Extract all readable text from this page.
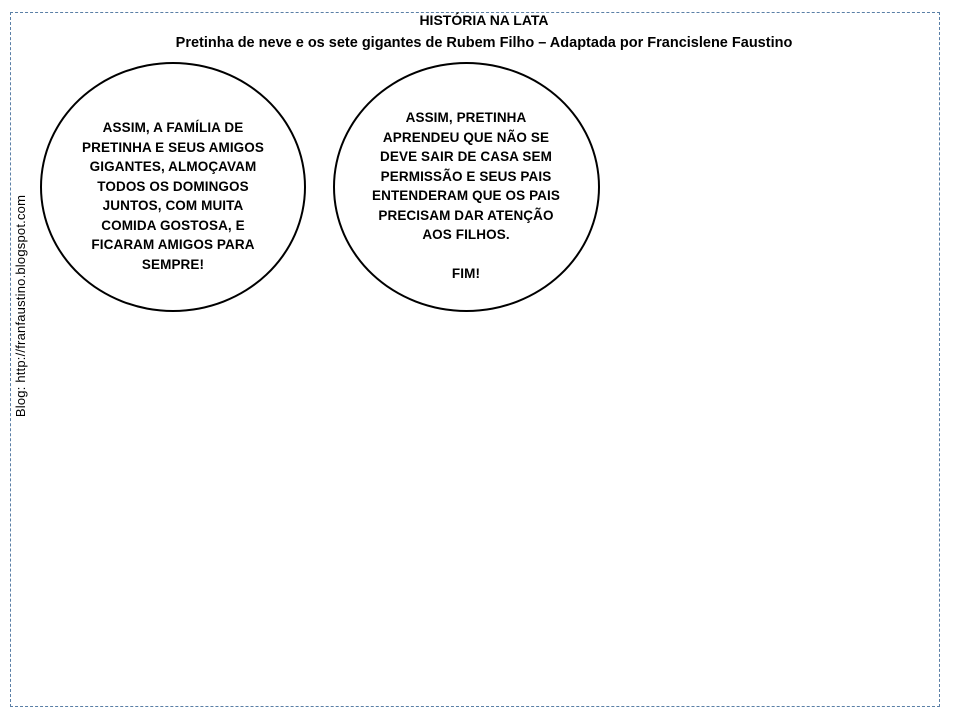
HISTÓRIA NA LATA
Pretinha de neve e os sete gigantes de Rubem Filho – Adaptada por Francislene Faustino
Blog: http://franfaustino.blogspot.com
ASSIM, A FAMÍLIA DE
PRETINHA E SEUS AMIGOS
GIGANTES, ALMOÇAVAM
TODOS OS DOMINGOS
JUNTOS, COM MUITA
COMIDA GOSTOSA, E
FICARAM AMIGOS PARA
SEMPRE!
ASSIM, PRETINHA
APRENDEU QUE NÃO SE
DEVE SAIR DE CASA SEM
PERMISSÃO E SEUS PAIS
ENTENDERAM QUE OS PAIS
PRECISAM DAR ATENÇÃO
AOS FILHOS.
FIM!
